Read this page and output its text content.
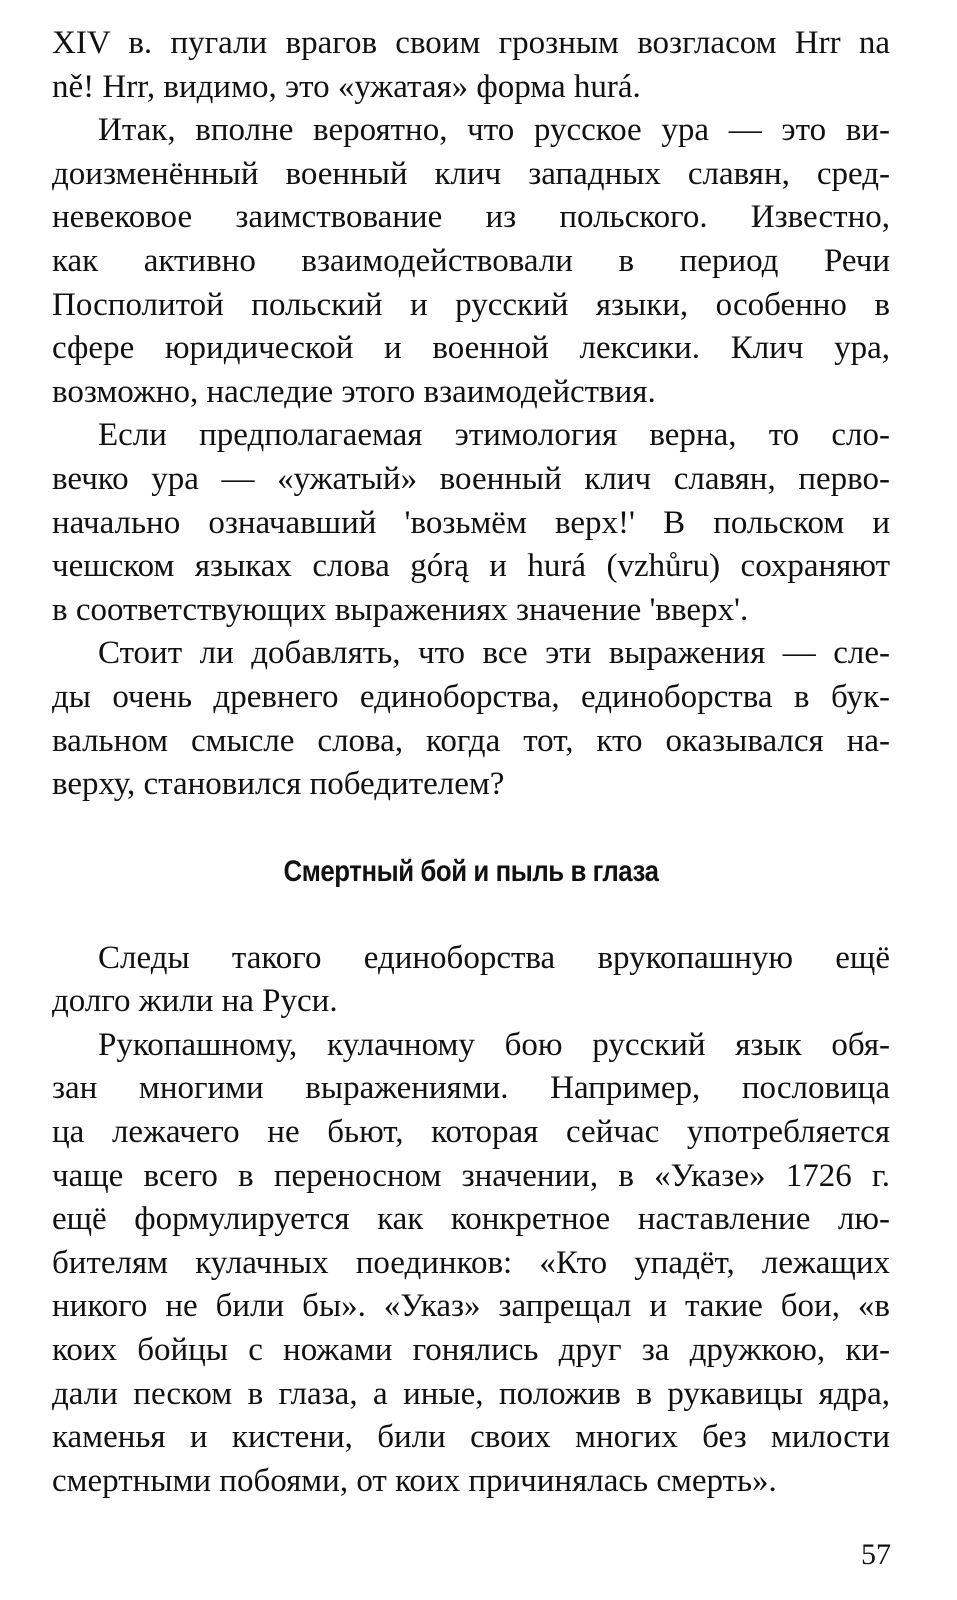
XIV в. пугали врагов своим грозным возгласом Hrr na
ně! Hrr, видимо, это «ужатая» форма hurá.
Итак, вполне вероятно, что русское ура — это ви-
доизменённый военный клич западных славян, сред-
невековое заимствование из польского. Известно,
как активно взаимодействовали в период Речи
Посполитой польский и русский языки, особенно в
сфере юридической и военной лексики. Клич ура,
возможно, наследие этого взаимодействия.
Если предполагаемая этимология верна, то сло-
вечко ура — «ужатый» военный клич славян, перво-
начально означавший 'возьмём верх!' В польском и
чешском языках слова górą и hurá (vzhůru) сохраняют
в соответствующих выражениях значение 'вверх'.
Стоит ли добавлять, что все эти выражения — сле-
ды очень древнего единоборства, единоборства в бук-
вальном смысле слова, когда тот, кто оказывался на-
верху, становился победителем?
Смертный бой и пыль в глаза
Следы такого единоборства врукопашную ещё
долго жили на Руси.
Рукопашному, кулачному бою русский язык обя-
зан многими выражениями. Например, пословица
ца лежачего не бьют, которая сейчас употребляется
чаще всего в переносном значении, в «Указе» 1726 г.
ещё формулируется как конкретное наставление лю-
бителям кулачных поединков: «Кто упадёт, лежащих
никого не били бы». «Указ» запрещал и такие бои, «в
коих бойцы с ножами гонялись друг за дружкою, ки-
дали песком в глаза, а иные, положив в рукавицы ядра,
каменья и кистени, били своих многих без милости
смертными побоями, от коих причинялась смерть».
57
